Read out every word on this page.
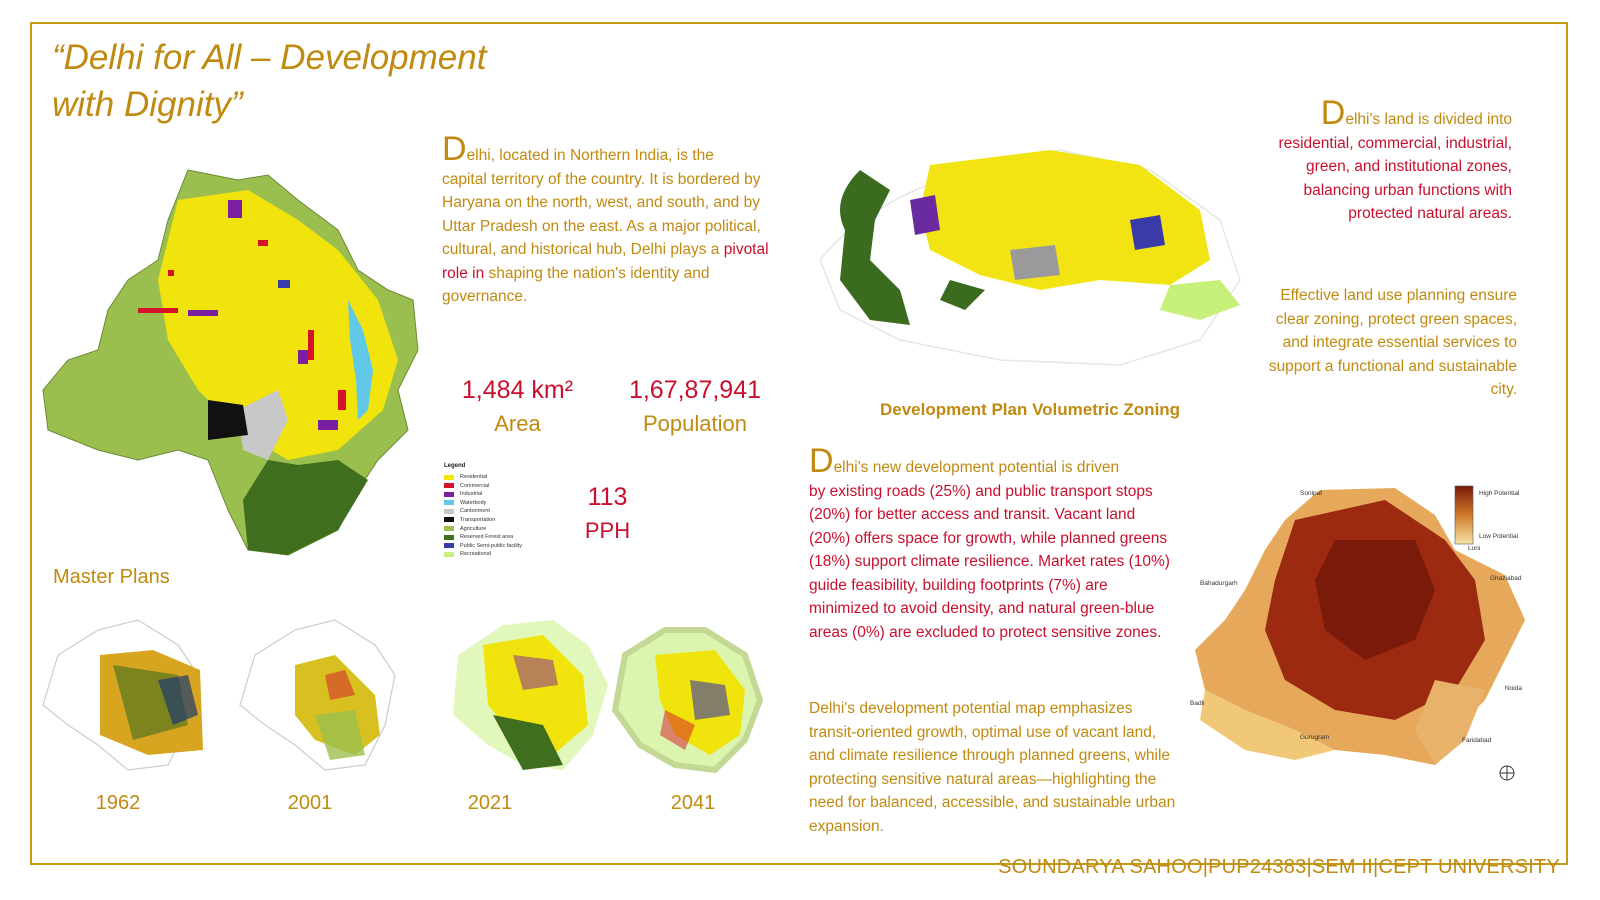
“Delhi for All – Development
with Dignity”
Legend
Residential
Commercial
Industrial
Waterbody
Cantonment
Transportation
Agriculture
Reserved Forest area
Public Semi-public facility
Recreational
Delhi, located in Northern India, is the
capital territory of the country. It is bordered by Haryana on the north, west, and south, and by Uttar Pradesh on the east. As a major political, cultural, and historical hub, Delhi plays a pivotal role in shaping the nation's identity and governance.
1,484 km²
Area
1,67,87,941
Population
113
PPH
Master Plans
1962	2001	2021	2041
Development Plan Volumetric Zoning
Delhi's land is divided into
residential, commercial, industrial, green, and institutional zones, balancing urban functions with protected natural areas.
Effective land use planning ensure clear zoning, protect green spaces, and integrate essential services to support a functional and sustainable city.
Delhi's new development potential is driven
by existing roads (25%) and public transport stops (20%) for better access and transit. Vacant land (20%) offers space for growth, while planned greens (18%) support climate resilience. Market rates (10%) guide feasibility, building footprints (7%) are minimized to avoid density, and natural green-blue areas (0%) are excluded to protect sensitive zones.
Delhi's development potential map emphasizes transit-oriented growth, optimal use of vacant land, and climate resilience through planned greens, while protecting sensitive natural areas—highlighting the need for balanced, accessible, and sustainable urban expansion.
High Potential
Low Potential
Sonipat
Loni
Bahadurgarh
Ghaziabad
Badli
Noida
Gurugram	Faridabad
SOUNDARYA SAHOO|PUP24383|SEM II|CEPT UNIVERSITY
